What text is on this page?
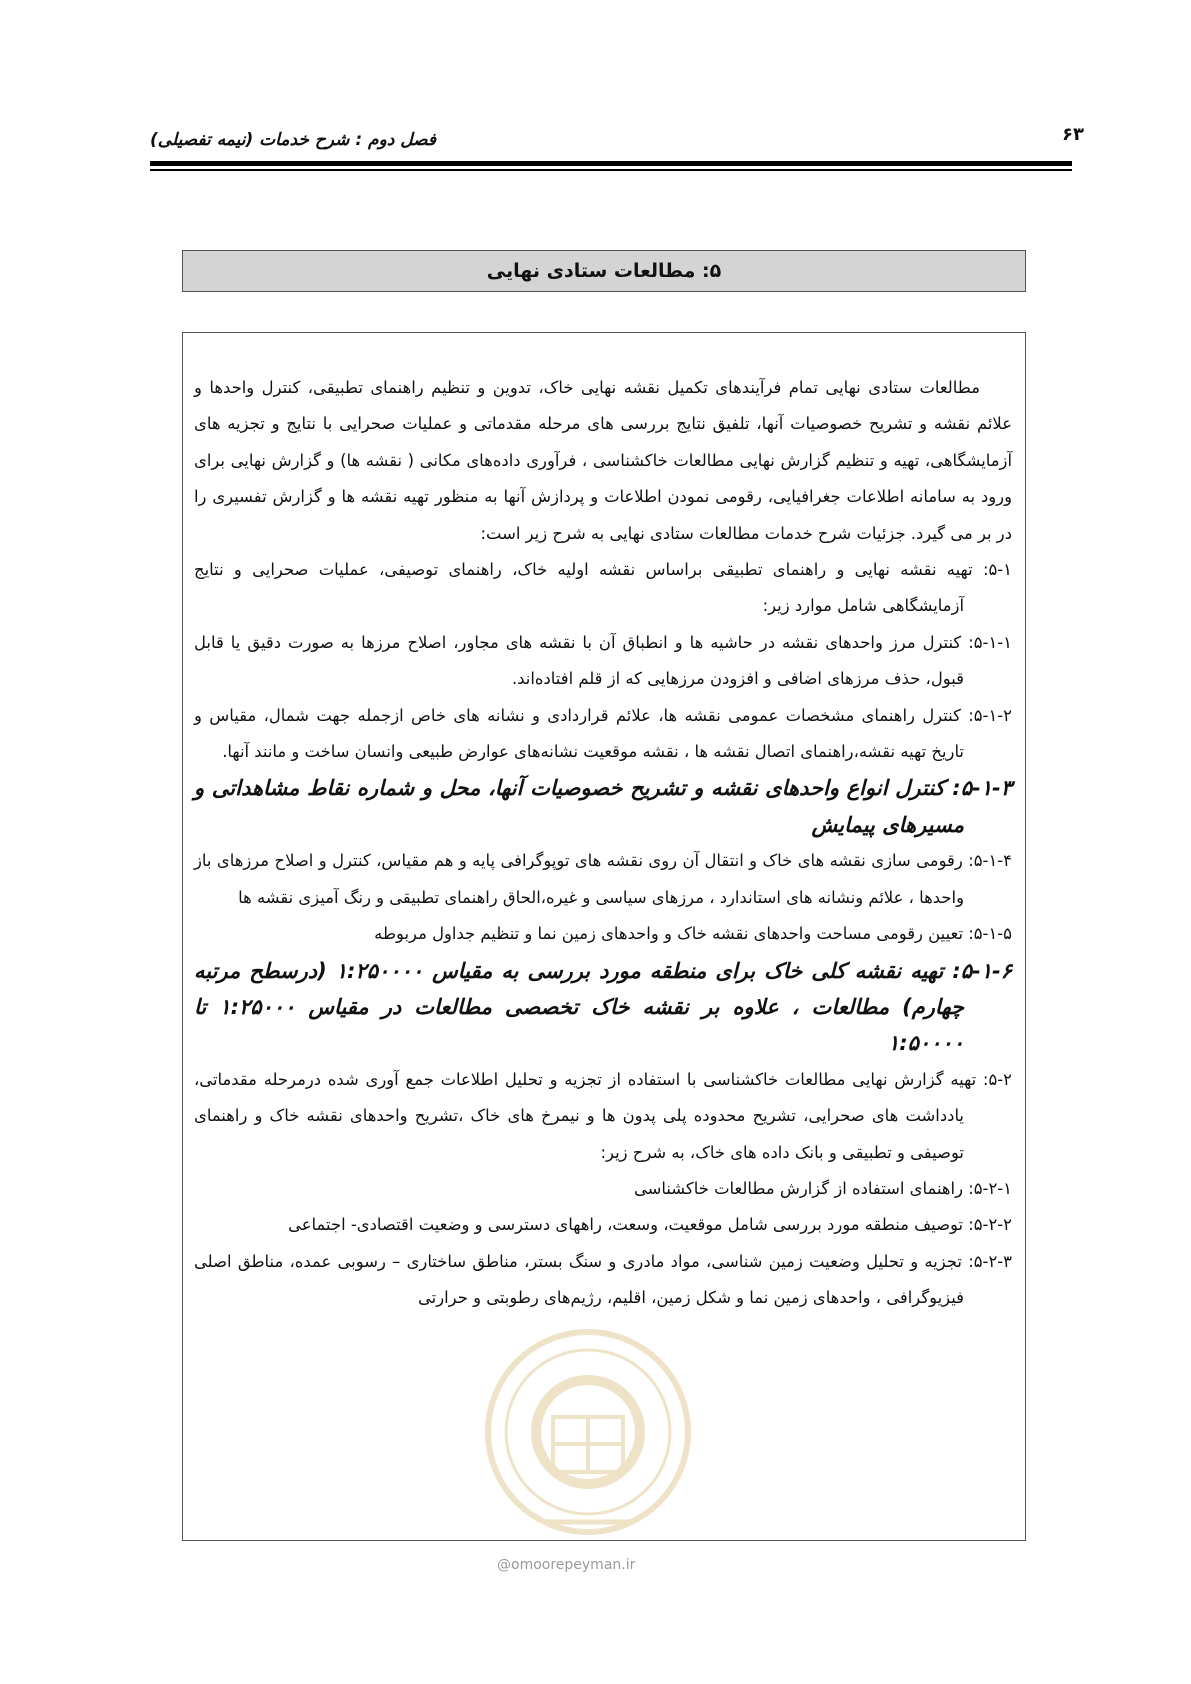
۶۳
فصل دوم : شرح خدمات (نیمه تفصیلی)
۵: مطالعات ستادی نهایی

مطالعات ستادی نهایی تمام فرآیندهای تکمیل نقشه نهایی خاک، تدوین و تنظیم راهنمای تطبیقی، کنترل واحدها و علائم نقشه و تشریح خصوصیات آنها، تلفیق نتایج بررسی های مرحله مقدماتی و عملیات صحرایی با نتایج و تجزیه های آزمایشگاهی، تهیه و تنظیم گزارش نهایی مطالعات خاکشناسی ، فرآوری داده‌های مکانی ( نقشه ها) و گزارش نهایی برای ورود به سامانه اطلاعات جغرافیایی، رقومی نمودن اطلاعات و پردازش آنها به منظور تهیه نقشه ها و گزارش تفسیری را در بر می گیرد. جزئیات شرح خدمات مطالعات ستادی نهایی به شرح زیر است:

۵-۱: تهیه نقشه نهایی و راهنمای تطبیقی براساس نقشه اولیه خاک، راهنمای توصیفی، عملیات صحرایی و نتایج آزمایشگاهی شامل موارد زیر:

۵-۱-۱: کنترل مرز واحدهای نقشه در حاشیه ها و انطباق آن با نقشه های مجاور، اصلاح مرزها به صورت دقیق یا قابل قبول، حذف مرزهای اضافی و افزودن مرزهایی که از قلم افتاده‌اند.

۵-۱-۲: کنترل راهنمای مشخصات عمومی نقشه ها، علائم قراردادی و نشانه های خاص ازجمله جهت شمال، مقیاس و تاریخ تهیه نقشه،راهنمای اتصال نقشه ها ، نقشه موقعیت نشانه‌های عوارض طبیعی وانسان ساخت و مانند آنها.

۵-۱-۳: کنترل انواع واحدهای نقشه و تشریح خصوصیات آنها، محل و شماره نقاط مشاهداتی و مسیرهای پیمایش

۵-۱-۴: رقومی سازی نقشه های خاک و انتقال آن روی نقشه های توپوگرافی پایه و هم مقیاس، کنترل و اصلاح مرزهای باز واحدها ، علائم ونشانه های استاندارد ، مرزهای سیاسی و غیره،الحاق راهنمای تطبیقی و رنگ آمیزی نقشه ها

۵-۱-۵: تعیین رقومی مساحت واحدهای نقشه خاک و واحدهای زمین نما و تنظیم جداول مربوطه

۵-۱-۶: تهیه نقشه کلی خاک برای منطقه مورد بررسی به مقیاس ۱:۲۵۰۰۰۰ (درسطح مرتبه چهارم) مطالعات ، علاوه بر نقشه خاک تخصصی مطالعات در مقیاس ۱:۲۵۰۰۰ تا ۱:۵۰۰۰۰

۵-۲: تهیه گزارش نهایی مطالعات خاکشناسی با استفاده از تجزیه و تحلیل اطلاعات جمع آوری شده درمرحله مقدماتی، یادداشت های صحرایی، تشریح محدوده پلی پدون ها و نیمرخ های خاک ،تشریح واحدهای نقشه خاک و راهنمای توصیفی و تطبیقی و بانک داده های خاک، به شرح زیر:

۵-۲-۱: راهنمای استفاده از گزارش مطالعات خاکشناسی

۵-۲-۲: توصیف منطقه مورد بررسی شامل موقعیت، وسعت، راههای دسترسی و وضعیت اقتصادی- اجتماعی

۵-۲-۳: تجزیه و تحلیل وضعیت زمین شناسی، مواد مادری و سنگ بستر، مناطق ساختاری – رسوبی عمده، مناطق اصلی فیزیوگرافی ، واحدهای زمین نما و شکل زمین، اقلیم، رژیم‌های رطوبتی و حرارتی

@omoorepeyman.ir
